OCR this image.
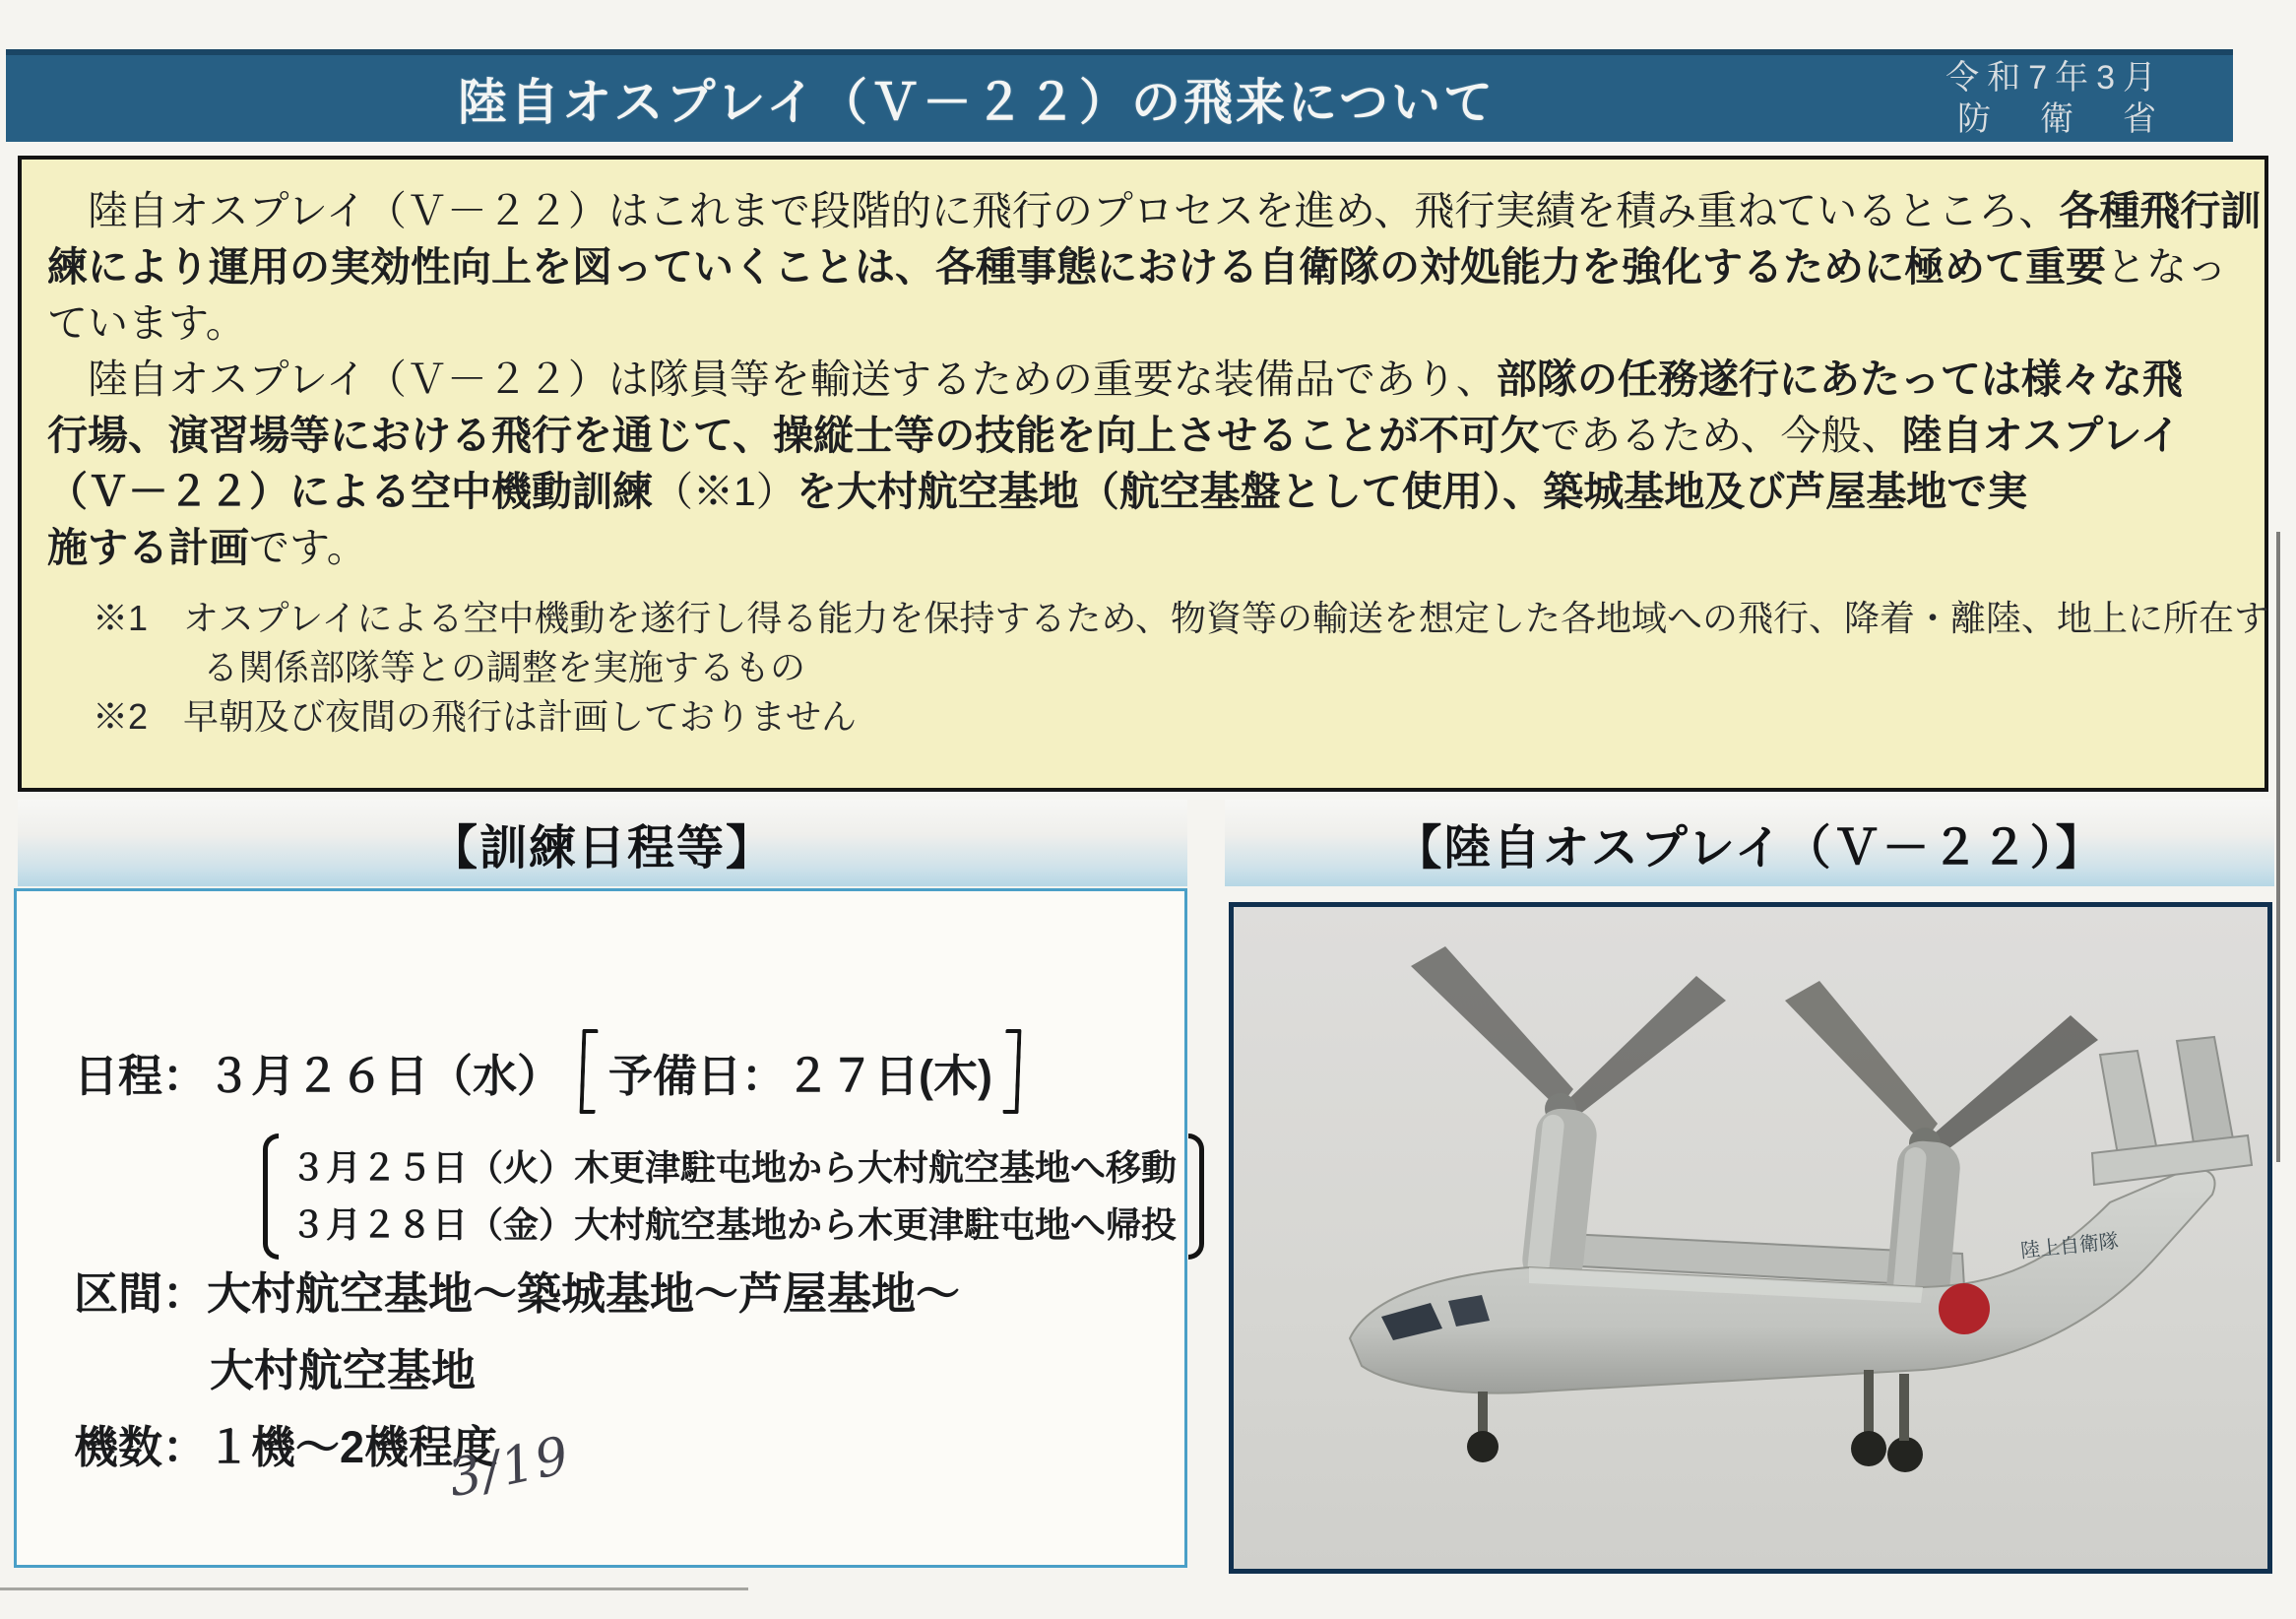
陸自オスプレイ（Ｖ－２２）の飛来について	令和7年3月
防　衛　省
　陸自オスプレイ（Ｖ－２２）はこれまで段階的に飛行のプロセスを進め、飛行実績を積み重ねているところ、各種飛行訓
練により運用の実効性向上を図っていくことは、各種事態における自衛隊の対処能力を強化するために極めて重要となっ
ています。
　陸自オスプレイ（Ｖ－２２）は隊員等を輸送するための重要な装備品であり、部隊の任務遂行にあたっては様々な飛
行場、演習場等における飛行を通じて、操縦士等の技能を向上させることが不可欠であるため、今般、陸自オスプレイ
（Ｖ－２２）による空中機動訓練（※1）を大村航空基地（航空基盤として使用）、築城基地及び芦屋基地で実
施する計画です。
※1　オスプレイによる空中機動を遂行し得る能力を保持するため、物資等の輸送を想定した各地域への飛行、降着・離陸、地上に所在す
る関係部隊等との調整を実施するもの
※2　早朝及び夜間の飛行は計画しておりません
【訓練日程等】	【陸自オスプレイ（Ｖ－２２）】
日程： ３月２６日（水） 予備日：２７日(木)
３月２５日（火）木更津駐屯地から大村航空基地へ移動
３月２８日（金）大村航空基地から木更津駐屯地へ帰投
区間： 大村航空基地～築城基地～芦屋基地～
大村航空基地
機数： １機～2機程度
3/19
陸上自衛隊
